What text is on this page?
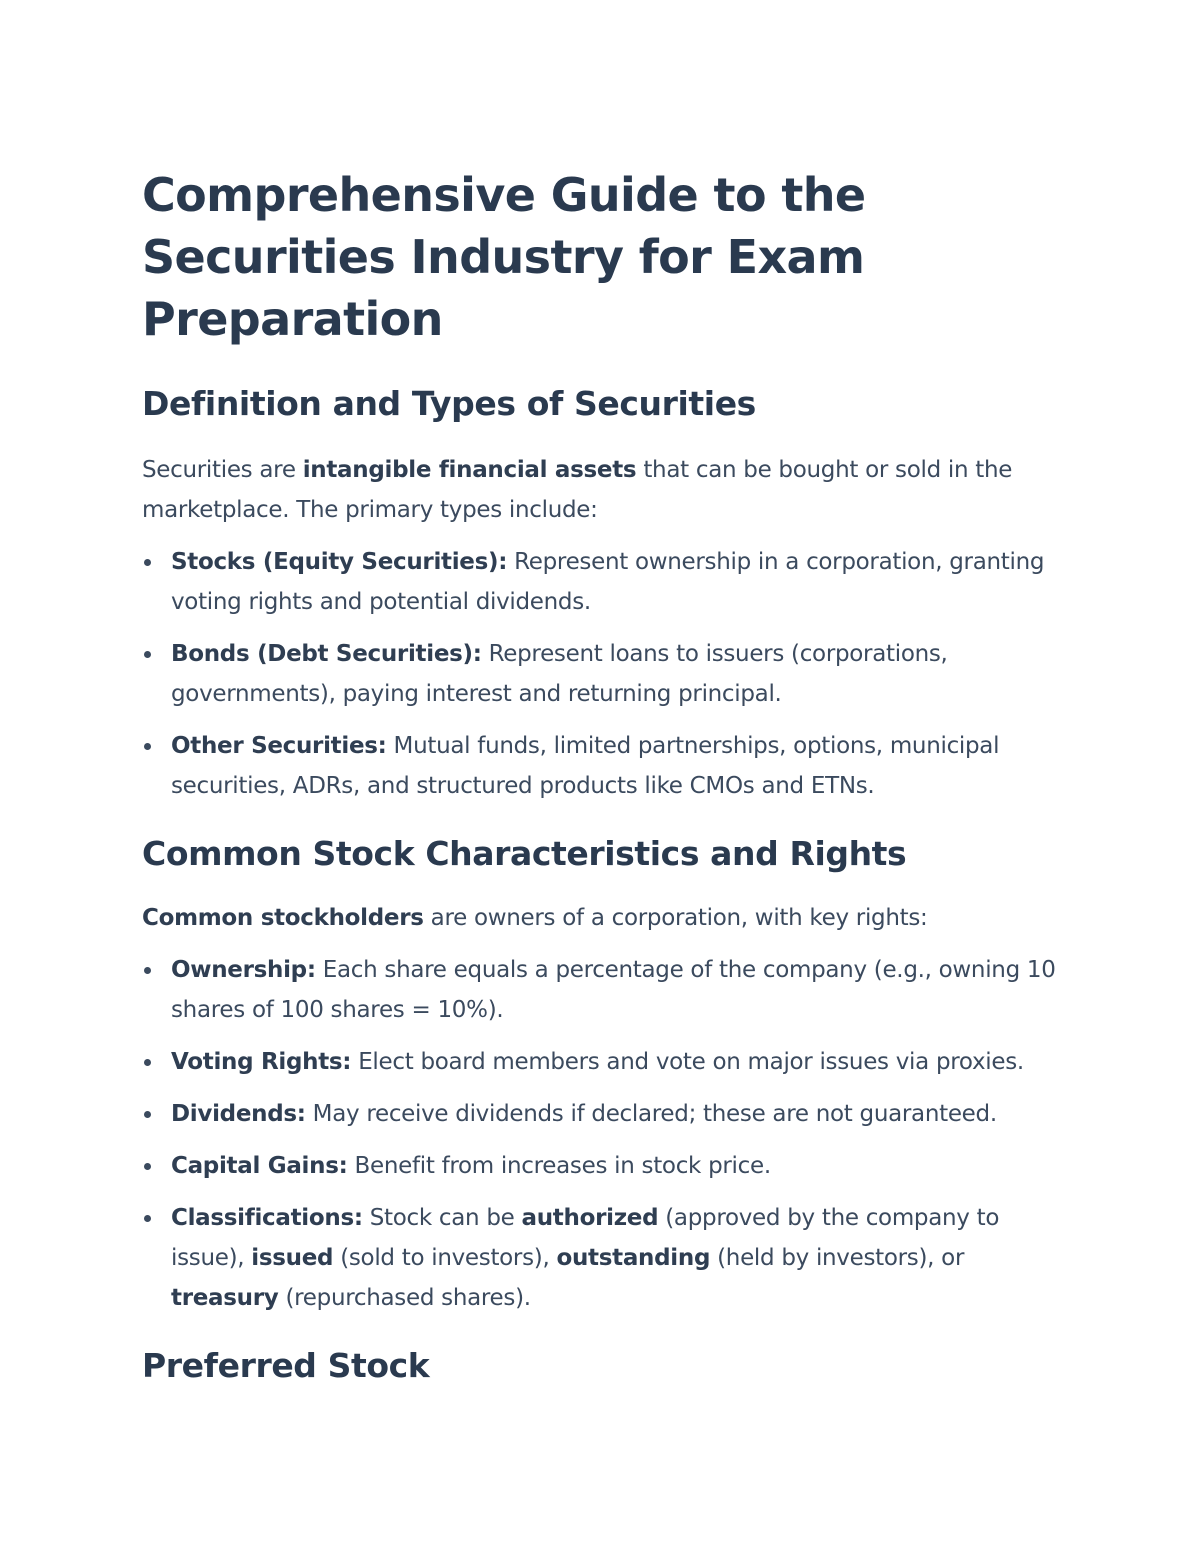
Comprehensive Guide to the Securities Industry for Exam Preparation
Definition and Types of Securities

Securities are intangible financial assets that can be bought or sold in the marketplace. The primary types include:

Stocks (Equity Securities): Represent ownership in a corporation, granting voting rights and potential dividends.
Bonds (Debt Securities): Represent loans to issuers (corporations, governments), paying interest and returning principal.
Other Securities: Mutual funds, limited partnerships, options, municipal securities, ADRs, and structured products like CMOs and ETNs.
Common Stock Characteristics and Rights

Common stockholders are owners of a corporation, with key rights:

Ownership: Each share equals a percentage of the company (e.g., owning 10 shares of 100 shares = 10%).
Voting Rights: Elect board members and vote on major issues via proxies.
Dividends: May receive dividends if declared; these are not guaranteed.
Capital Gains: Benefit from increases in stock price.
Classifications: Stock can be authorized (approved by the company to issue), issued (sold to investors), outstanding (held by investors), or treasury (repurchased shares).
Preferred Stock
